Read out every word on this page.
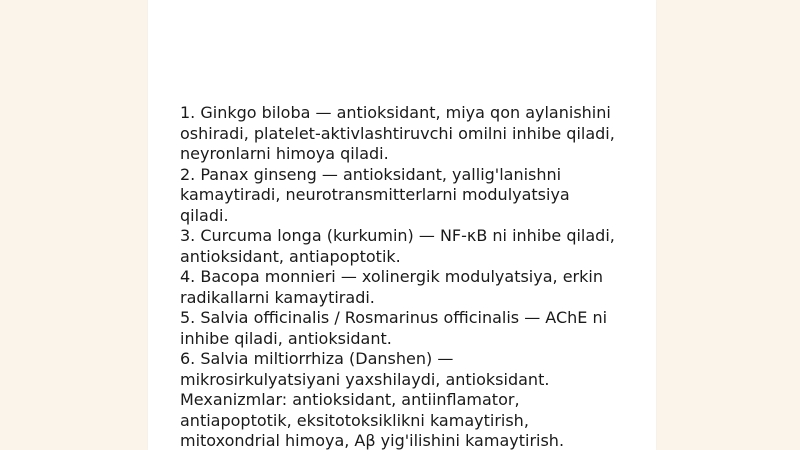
1. Ginkgo biloba — antioksidant, miya qon aylanishini
oshiradi, platelet-aktivlashtiruvchi omilni inhibe qiladi,
neyronlarni himoya qiladi.
2. Panax ginseng — antioksidant, yallig'lanishni
kamaytiradi, neurotransmitterlarni modulyatsiya
qiladi.
3. Curcuma longa (kurkumin) — NF-κB ni inhibe qiladi,
antioksidant, antiapoptotik.
4. Bacopa monnieri — xolinergik modulyatsiya, erkin
radikallarni kamaytiradi.
5. Salvia officinalis / Rosmarinus officinalis — AChE ni
inhibe qiladi, antioksidant.
6. Salvia miltiorrhiza (Danshen) —
mikrosirkulyatsiyani yaxshilaydi, antioksidant.
Mexanizmlar: antioksidant, antiinflamator,
antiapoptotik, eksitotoksiklikni kamaytirish,
mitoxondrial himoya, Aβ yig'ilishini kamaytirish.
